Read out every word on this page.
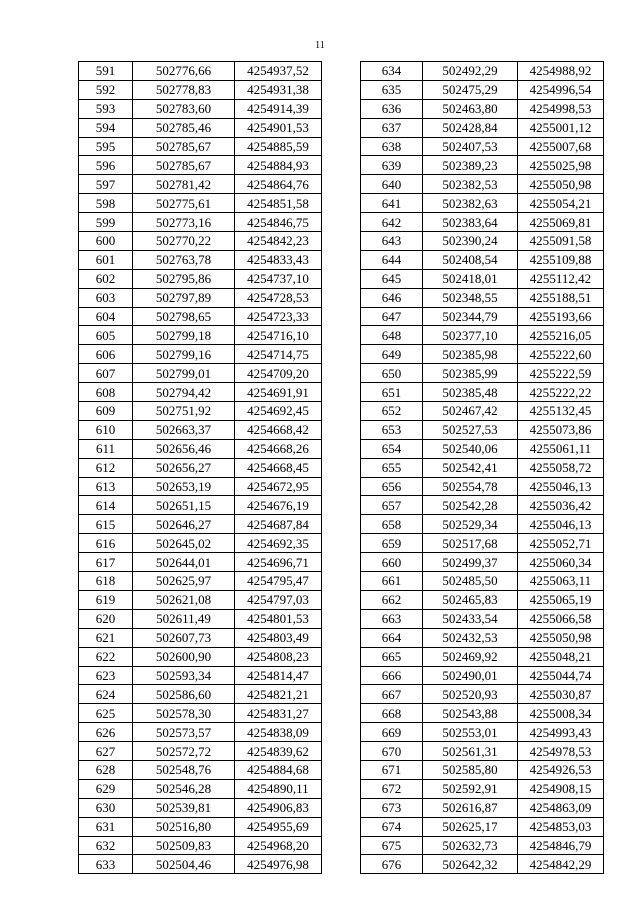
11
591	502776,66	4254937,52
592	502778,83	4254931,38
593	502783,60	4254914,39
594	502785,46	4254901,53
595	502785,67	4254885,59
596	502785,67	4254884,93
597	502781,42	4254864,76
598	502775,61	4254851,58
599	502773,16	4254846,75
600	502770,22	4254842,23
601	502763,78	4254833,43
602	502795,86	4254737,10
603	502797,89	4254728,53
604	502798,65	4254723,33
605	502799,18	4254716,10
606	502799,16	4254714,75
607	502799,01	4254709,20
608	502794,42	4254691,91
609	502751,92	4254692,45
610	502663,37	4254668,42
611	502656,46	4254668,26
612	502656,27	4254668,45
613	502653,19	4254672,95
614	502651,15	4254676,19
615	502646,27	4254687,84
616	502645,02	4254692,35
617	502644,01	4254696,71
618	502625,97	4254795,47
619	502621,08	4254797,03
620	502611,49	4254801,53
621	502607,73	4254803,49
622	502600,90	4254808,23
623	502593,34	4254814,47
624	502586,60	4254821,21
625	502578,30	4254831,27
626	502573,57	4254838,09
627	502572,72	4254839,62
628	502548,76	4254884,68
629	502546,28	4254890,11
630	502539,81	4254906,83
631	502516,80	4254955,69
632	502509,83	4254968,20
633	502504,46	4254976,98
634	502492,29	4254988,92
635	502475,29	4254996,54
636	502463,80	4254998,53
637	502428,84	4255001,12
638	502407,53	4255007,68
639	502389,23	4255025,98
640	502382,53	4255050,98
641	502382,63	4255054,21
642	502383,64	4255069,81
643	502390,24	4255091,58
644	502408,54	4255109,88
645	502418,01	4255112,42
646	502348,55	4255188,51
647	502344,79	4255193,66
648	502377,10	4255216,05
649	502385,98	4255222,60
650	502385,99	4255222,59
651	502385,48	4255222,22
652	502467,42	4255132,45
653	502527,53	4255073,86
654	502540,06	4255061,11
655	502542,41	4255058,72
656	502554,78	4255046,13
657	502542,28	4255036,42
658	502529,34	4255046,13
659	502517,68	4255052,71
660	502499,37	4255060,34
661	502485,50	4255063,11
662	502465,83	4255065,19
663	502433,54	4255066,58
664	502432,53	4255050,98
665	502469,92	4255048,21
666	502490,01	4255044,74
667	502520,93	4255030,87
668	502543,88	4255008,34
669	502553,01	4254993,43
670	502561,31	4254978,53
671	502585,80	4254926,53
672	502592,91	4254908,15
673	502616,87	4254863,09
674	502625,17	4254853,03
675	502632,73	4254846,79
676	502642,32	4254842,29
